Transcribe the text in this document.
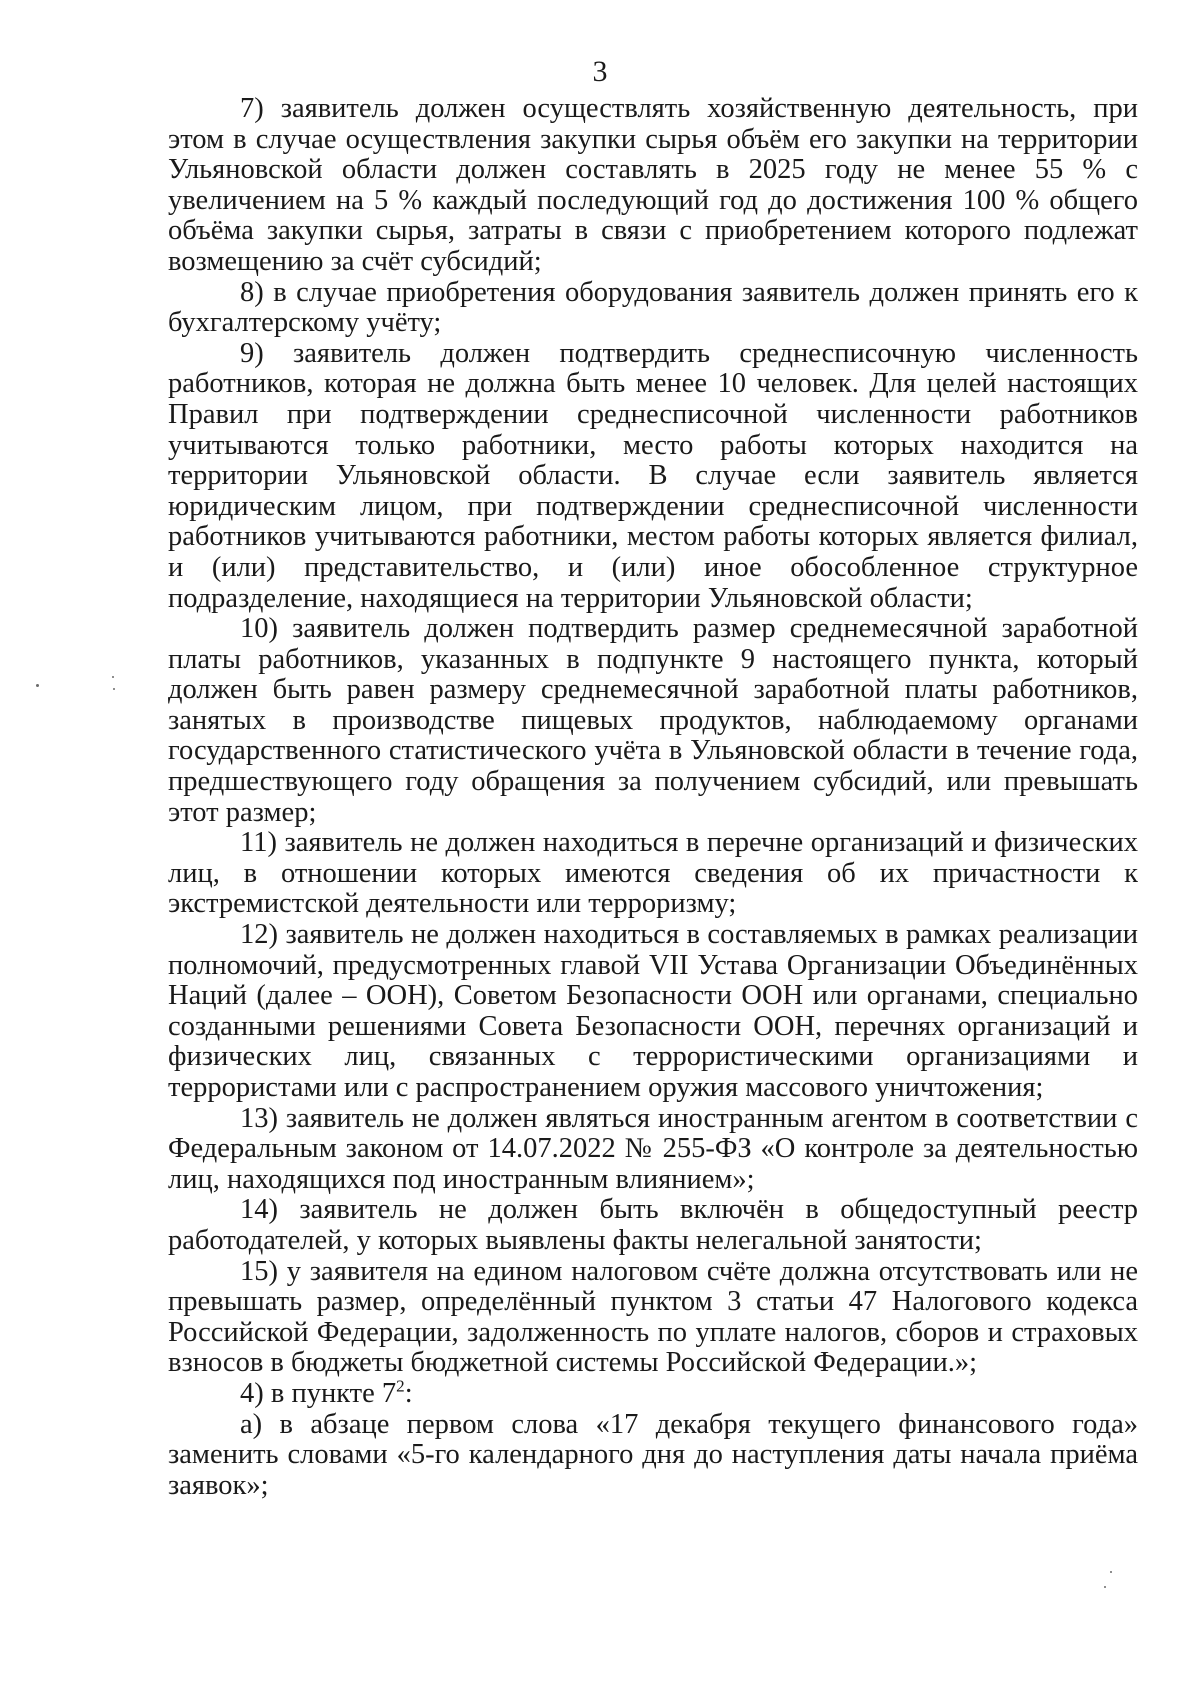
3

7) заявитель должен осуществлять хозяйственную деятельность, при этом в случае осуществления закупки сырья объём его закупки на территории Ульяновской области должен составлять в 2025 году не менее 55 % с увеличением на 5 % каждый последующий год до достижения 100 % общего объёма закупки сырья, затраты в связи с приобретением которого подлежат возмещению за счёт субсидий;

8) в случае приобретения оборудования заявитель должен принять его к бухгалтерскому учёту;

9) заявитель должен подтвердить среднесписочную численность работников, которая не должна быть менее 10 человек. Для целей настоящих Правил при подтверждении среднесписочной численности работников учитываются только работники, место работы которых находится на территории Ульяновской области. В случае если заявитель является юридическим лицом, при подтверждении среднесписочной численности работников учитываются работники, местом работы которых является филиал, и (или) представительство, и (или) иное обособленное структурное подразделение, находящиеся на территории Ульяновской области;

10) заявитель должен подтвердить размер среднемесячной заработной платы работников, указанных в подпункте 9 настоящего пункта, который должен быть равен размеру среднемесячной заработной платы работников, занятых в производстве пищевых продуктов, наблюдаемому органами государственного статистического учёта в Ульяновской области в течение года, предшествующего году обращения за получением субсидий, или превышать этот размер;

11) заявитель не должен находиться в перечне организаций и физических лиц, в отношении которых имеются сведения об их причастности к экстремистской деятельности или терроризму;

12) заявитель не должен находиться в составляемых в рамках реализации полномочий, предусмотренных главой VII Устава Организации Объединённых Наций (далее – ООН), Советом Безопасности ООН или органами, специально созданными решениями Совета Безопасности ООН, перечнях организаций и физических лиц, связанных с террористическими организациями и террористами или с распространением оружия массового уничтожения;

13) заявитель не должен являться иностранным агентом в соответствии с Федеральным законом от 14.07.2022 № 255-ФЗ «О контроле за деятельностью лиц, находящихся под иностранным влиянием»;

14) заявитель не должен быть включён в общедоступный реестр работодателей, у которых выявлены факты нелегальной занятости;

15) у заявителя на едином налоговом счёте должна отсутствовать или не превышать размер, определённый пунктом 3 статьи 47 Налогового кодекса Российской Федерации, задолженность по уплате налогов, сборов и страховых взносов в бюджеты бюджетной системы Российской Федерации.»;

4) в пункте $7^2$:

а) в абзаце первом слова «17 декабря текущего финансового года» заменить словами «5-го календарного дня до наступления даты начала приёма заявок»;
